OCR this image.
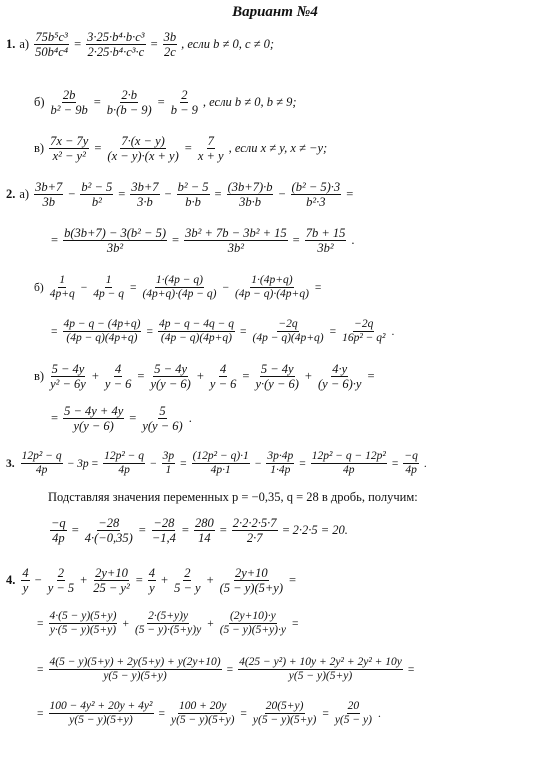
Вариант №4
1. $а) \frac{\text{75b⁵c³}}{\text{50b⁴c⁴}} = \frac{\text{3·25·b⁴·b·c³}}{\text{2·25·b⁴·c³·c}} = \frac{3b}{2c}$ , если b ≠ 0, c ≠ 0;
$б) \frac{2b}{\text{b² − 9b}} = \frac{2\cdot b}{b\cdot(b - 9)} = \frac{2}{b - 9}$ , если b ≠ 0, b ≠ 9;
$в) \frac{7x - 7y}{\text{x² − y²}} = \frac{7\cdot(x - y)}{(x - y)\cdot(x + y)} = \frac{7}{x + y}$ , если x ≠ y, x ≠ −y;
2. $а) \frac{3b+7}{3b} - \frac{\text{b² − 5}}{\text{b²}} = \frac{3b+7}{3\cdot b} - \frac{\text{b² − 5}}{b\cdot b} = \frac{(3b+7)\cdot b}{3b\cdot b} - \frac{\text{(b² − 5)·3}}{\text{b²·3}}$ =
= $\frac{\text{b(3b+7) − 3(b² − 5)}}{\text{3b²}} = \frac{\text{3b² + 7b − 3b² + 15}}{\text{3b²}} = \frac{7b + 15}{\text{3b²}}$ .
$б) \frac{1}{4p+q} - \frac{1}{4p - q} = \frac{1\cdot(4p - q)}{(4p+q)\cdot(4p - q)} - \frac{1\cdot(4p+q)}{(4p - q)\cdot(4p+q)}$ =
= $\frac{4p - q - (4p+q)}{(4p - q)(4p+q)} = \frac{4p - q - 4q - q}{(4p - q)(4p+q)} = \frac{-2q}{(4p - q)(4p+q)} = \frac{-2q}{\text{16p² − q²}}$ .
$в) \frac{5 - 4y}{\text{y² − 6y}} + \frac{4}{y - 6} = \frac{5 - 4y}{y(y - 6)} + \frac{4}{y - 6} = \frac{5 - 4y}{y\cdot(y - 6)} + \frac{4\cdot y}{(y - 6)\cdot y}$ =
= $\frac{5 - 4y + 4y}{y(y - 6)} = \frac{5}{y(y - 6)}$ .
3. $\frac{\text{12p² − q}}{4p} - 3p = \frac{\text{12p² − q}}{4p} - \frac{3p}{1} = \frac{\text{(12p² − q)·1}}{4p\cdot 1} - \frac{3p\cdot 4p}{1\cdot 4p} = \frac{\text{12p² − q − 12p²}}{4p} = \frac{-q}{4p}$ .
Подставляя значения переменных p = −0,35, q = 28 в дробь, получим:
$\frac{-q}{4p} = \frac{-28}{4\cdot(-0,35)} = \frac{-28}{-1,4} = \frac{280}{14} = \frac{2\cdot 2\cdot 2\cdot 5\cdot 7}{2\cdot 7} = 2\cdot 2\cdot 5 = 20$.
4. $\frac{4}{y} - \frac{2}{y - 5} + \frac{2y+10}{\text{25 − y²}} = \frac{4}{y} + \frac{2}{5 - y} + \frac{2y+10}{(5 - y)(5+y)}$ =
= $\frac{4\cdot(5 - y)(5+y)}{y\cdot(5 - y)(5+y)} + \frac{2\cdot(5+y)y}{(5 - y)\cdot(5+y)y} + \frac{(2y+10)\cdot y}{(5 - y)(5+y)\cdot y}$ =
= $\frac{4(5 - y)(5+y) + 2y(5+y) + y(2y+10)}{y(5 - y)(5+y)} = \frac{\text{4(25 − y²) + 10y + 2y² + 2y² + 10y}}{y(5 - y)(5+y)}$ =
= $\frac{\text{100 − 4y² + 20y + 4y²}}{y(5 - y)(5+y)} = \frac{100 + 20y}{y(5 - y)(5+y)} = \frac{20(5+y)}{y(5 - y)(5+y)} = \frac{20}{y(5 - y)}$ .
